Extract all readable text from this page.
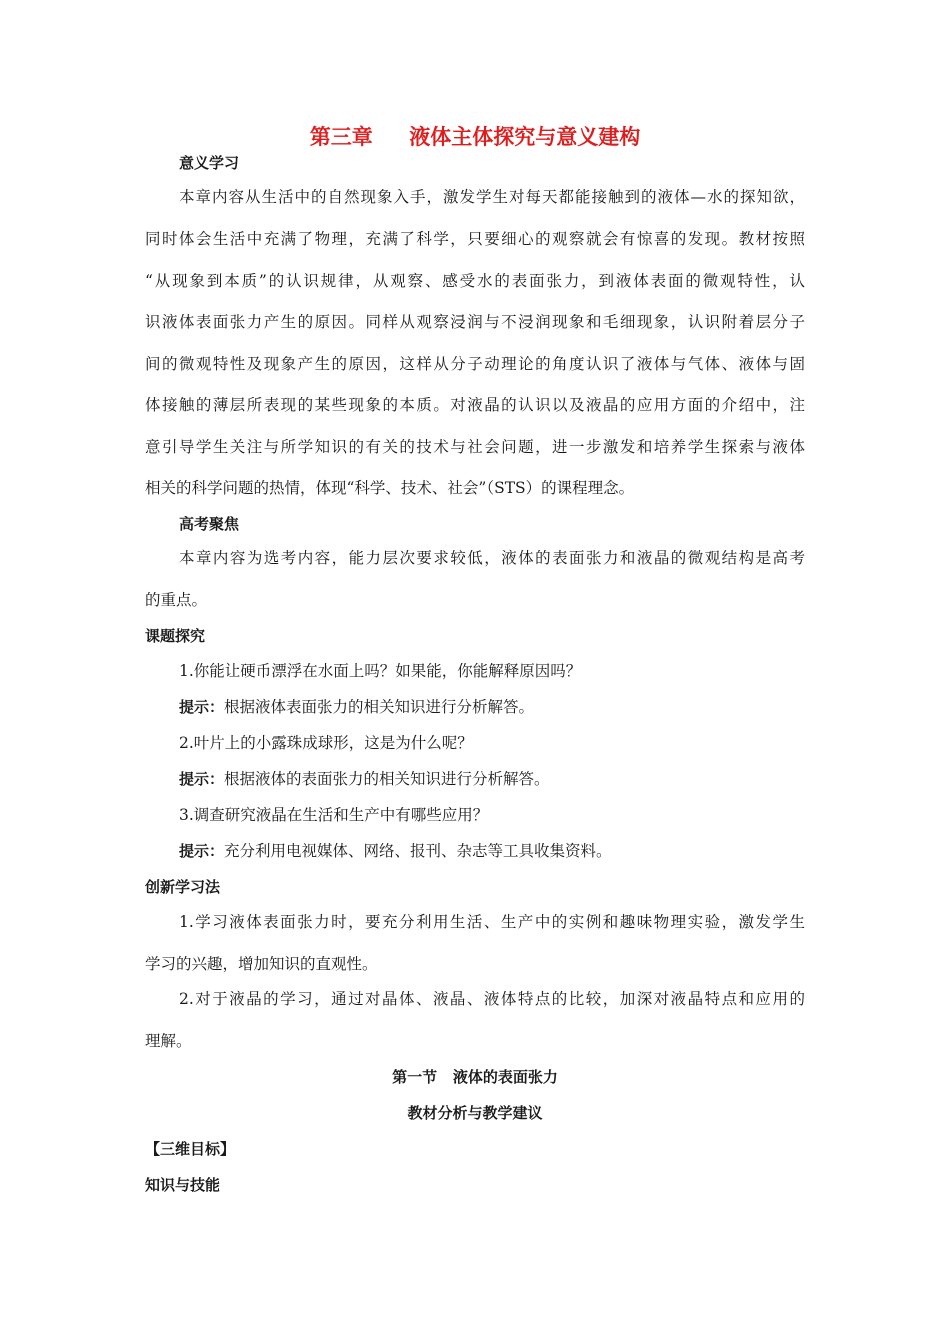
第三章     液体主体探究与意义建构
意义学习
本章内容从生活中的自然现象入手，激发学生对每天都能接触到的液体—水的探知欲，
同时体会生活中充满了物理，充满了科学，只要细心的观察就会有惊喜的发现。教材按照
“从现象到本质”的认识规律，从观察、感受水的表面张力，到液体表面的微观特性，认
识液体表面张力产生的原因。同样从观察浸润与不浸润现象和毛细现象，认识附着层分子
间的微观特性及现象产生的原因，这样从分子动理论的角度认识了液体与气体、液体与固
体接触的薄层所表现的某些现象的本质。对液晶的认识以及液晶的应用方面的介绍中，注
意引导学生关注与所学知识的有关的技术与社会问题，进一步激发和培养学生探索与液体
相关的科学问题的热情，体现“科学、技术、社会”（STS）的课程理念。
高考聚焦
本章内容为选考内容，能力层次要求较低，液体的表面张力和液晶的微观结构是高考
的重点。
课题探究
1.你能让硬币漂浮在水面上吗？如果能，你能解释原因吗？
提示：根据液体表面张力的相关知识进行分析解答。
2.叶片上的小露珠成球形，这是为什么呢？
提示：根据液体的表面张力的相关知识进行分析解答。
3.调查研究液晶在生活和生产中有哪些应用？
提示：充分利用电视媒体、网络、报刊、杂志等工具收集资料。
创新学习法
1.学习液体表面张力时，要充分利用生活、生产中的实例和趣味物理实验，激发学生
学习的兴趣，增加知识的直观性。
2.对于液晶的学习，通过对晶体、液晶、液体特点的比较，加深对液晶特点和应用的
理解。
第一节   液体的表面张力
教材分析与教学建议
【三维目标】
知识与技能
